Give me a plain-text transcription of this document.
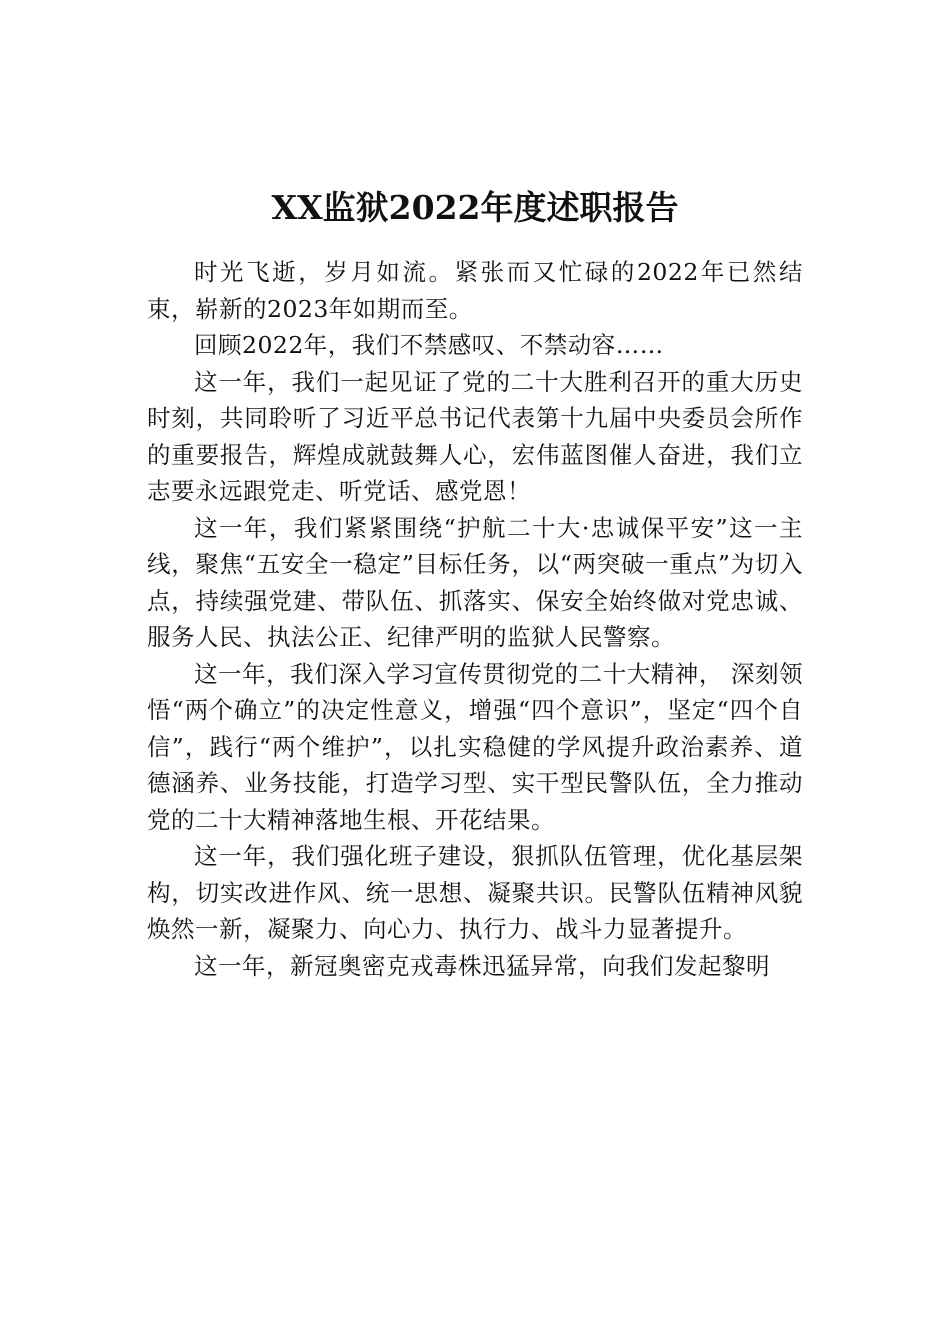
XX监狱2022年度述职报告

时光飞逝，岁月如流。紧张而又忙碌的2022年已然结束，崭新的2023年如期而至。

回顾2022年，我们不禁感叹、不禁动容……

这一年，我们一起见证了党的二十大胜利召开的重大历史时刻，共同聆听了习近平总书记代表第十九届中央委员会所作的重要报告，辉煌成就鼓舞人心，宏伟蓝图催人奋进，我们立志要永远跟党走、听党话、感党恩！

这一年，我们紧紧围绕“护航二十大·忠诚保平安”这一主线，聚焦“五安全一稳定”目标任务，以“两突破一重点”为切入点，持续强党建、带队伍、抓落实、保安全始终做对党忠诚、服务人民、执法公正、纪律严明的监狱人民警察。

这一年，我们深入学习宣传贯彻党的二十大精神， 深刻领悟“两个确立”的决定性意义，增强“四个意识”，坚定“四个自信”，践行“两个维护”，以扎实稳健的学风提升政治素养、道德涵养、业务技能，打造学习型、实干型民警队伍，全力推动党的二十大精神落地生根、开花结果。

这一年，我们强化班子建设，狠抓队伍管理，优化基层架构，切实改进作风、统一思想、凝聚共识。民警队伍精神风貌焕然一新，凝聚力、向心力、执行力、战斗力显著提升。

这一年，新冠奥密克戎毒株迅猛异常，向我们发起黎明
